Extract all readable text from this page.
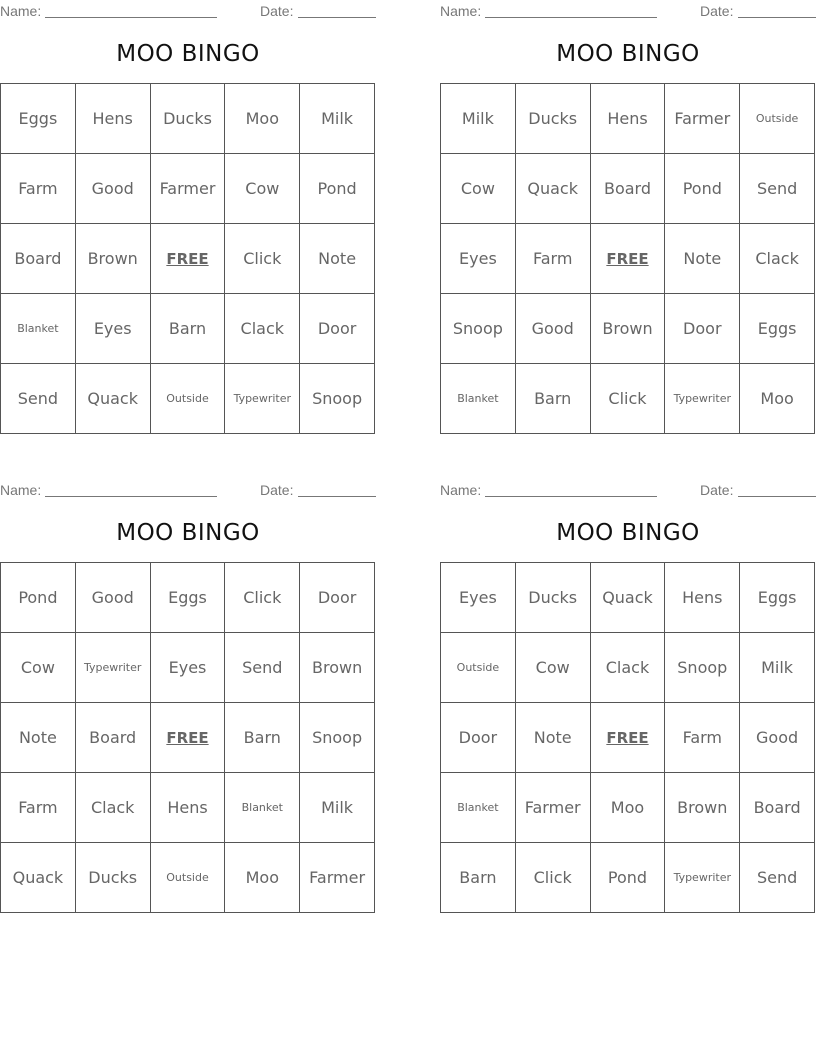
Name:	Date:
MOO BINGO
Eggs	Hens	Ducks	Moo	Milk
Farm	Good	Farmer	Cow	Pond
Board	Brown	FREE	Click	Note
Blanket	Eyes	Barn	Clack	Door
Send	Quack	Outside	Typewriter	Snoop
Name:	Date:
MOO BINGO
Milk	Ducks	Hens	Farmer	Outside
Cow	Quack	Board	Pond	Send
Eyes	Farm	FREE	Note	Clack
Snoop	Good	Brown	Door	Eggs
Blanket	Barn	Click	Typewriter	Moo
Name:	Date:
MOO BINGO
Pond	Good	Eggs	Click	Door
Cow	Typewriter	Eyes	Send	Brown
Note	Board	FREE	Barn	Snoop
Farm	Clack	Hens	Blanket	Milk
Quack	Ducks	Outside	Moo	Farmer
Name:	Date:
MOO BINGO
Eyes	Ducks	Quack	Hens	Eggs
Outside	Cow	Clack	Snoop	Milk
Door	Note	FREE	Farm	Good
Blanket	Farmer	Moo	Brown	Board
Barn	Click	Pond	Typewriter	Send
